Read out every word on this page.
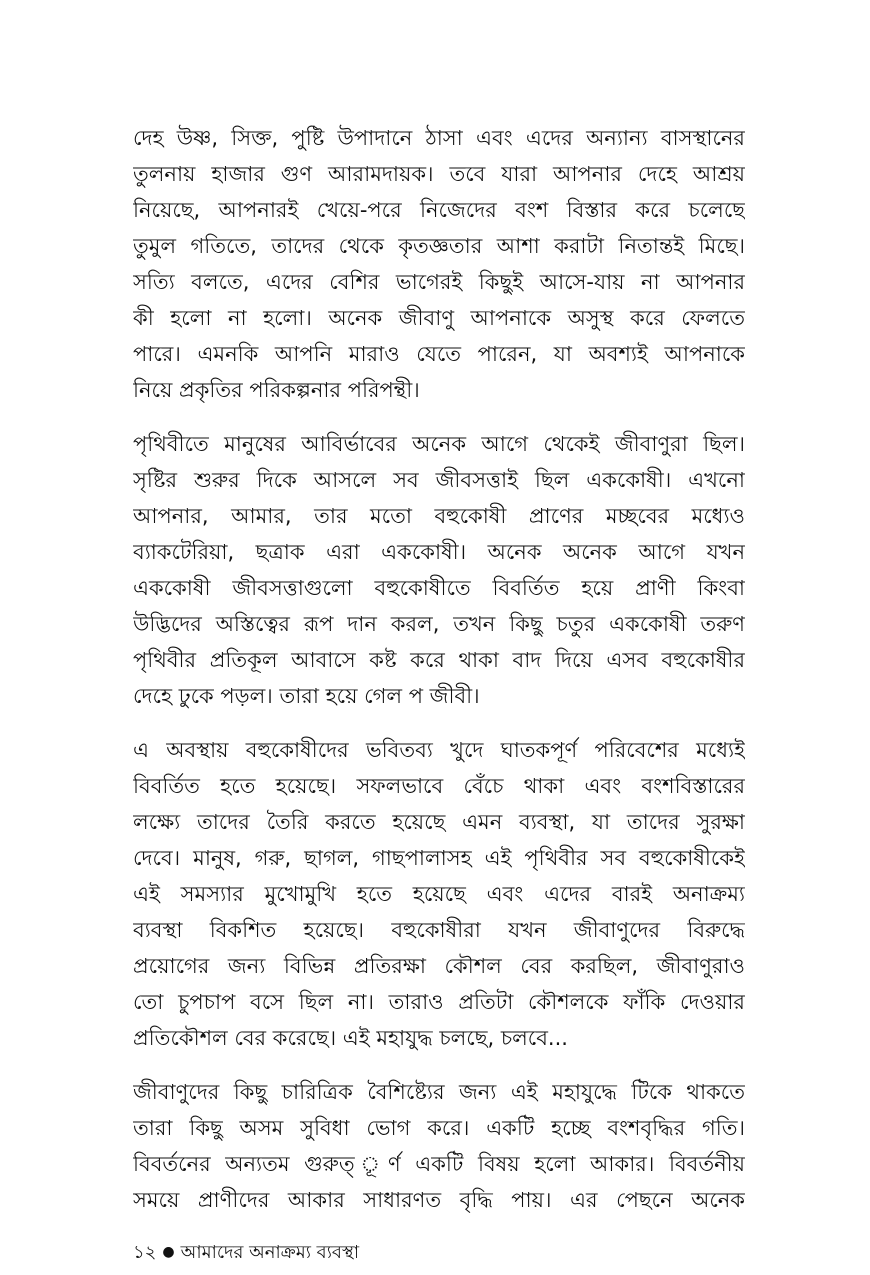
দেহ উষ্ণ, সিক্ত, পুষ্টি উপাদানে ঠাসা এবং এদের অন্যান্য বাসস্থানের
তুলনায় হাজার গুণ আরামদায়ক। তবে যারা আপনার দেহে আশ্রয়
নিয়েছে, আপনারই খেয়ে-পরে নিজেদের বংশ বিস্তার করে চলেছে
তুমুল গতিতে, তাদের থেকে কৃতজ্ঞতার আশা করাটা নিতান্তই মিছে।
সত্যি বলতে, এদের বেশির ভাগেরই কিছুই আসে-যায় না আপনার
কী হলো না হলো। অনেক জীবাণু আপনাকে অসুস্থ করে ফেলতে
পারে। এমনকি আপনি মারাও যেতে পারেন, যা অবশ্যই আপনাকে
নিয়ে প্রকৃতির পরিকল্পনার পরিপন্থী।
পৃথিবীতে মানুষের আবির্ভাবের অনেক আগে থেকেই জীবাণুরা ছিল।
সৃষ্টির শুরুর দিকে আসলে সব জীবসত্তাই ছিল এককোষী। এখনো
আপনার, আমার, তার মতো বহুকোষী প্রাণের মচ্ছবের মধ্যেও
ব্যাকটেরিয়া, ছত্রাক এরা এককোষী। অনেক অনেক আগে যখন
এককোষী জীবসত্তাগুলো বহুকোষীতে বিবর্তিত হয়ে প্রাণী কিংবা
উদ্ভিদের অস্তিত্বের রূপ দান করল, তখন কিছু চতুর এককোষী তরুণ
পৃথিবীর প্রতিকূল আবাসে কষ্ট করে থাকা বাদ দিয়ে এসব বহুকোষীর
দেহে ঢুকে পড়ল। তারা হয়ে গেল প জীবী।
এ অবস্থায় বহুকোষীদের ভবিতব্য খুদে ঘাতকপূর্ণ পরিবেশের মধ্যেই
বিবর্তিত হতে হয়েছে। সফলভাবে বেঁচে থাকা এবং বংশবিস্তারের
লক্ষ্যে তাদের তৈরি করতে হয়েছে এমন ব্যবস্থা, যা তাদের সুরক্ষা
দেবে। মানুষ, গরু, ছাগল, গাছপালাসহ এই পৃথিবীর সব বহুকোষীকেই
এই সমস্যার মুখোমুখি হতে হয়েছে এবং এদের বারই অনাক্রম্য
ব্যবস্থা বিকশিত হয়েছে। বহুকোষীরা যখন জীবাণুদের বিরুদ্ধে
প্রয়োগের জন্য বিভিন্ন প্রতিরক্ষা কৌশল বের করছিল, জীবাণুরাও
তো চুপচাপ বসে ছিল না। তারাও প্রতিটা কৌশলকে ফাঁকি দেওয়ার
প্রতিকৌশল বের করেছে। এই মহাযুদ্ধ চলছে, চলবে...
জীবাণুদের কিছু চারিত্রিক বৈশিষ্ট্যের জন্য এই মহাযুদ্ধে টিকে থাকতে
তারা কিছু অসম সুবিধা ভোগ করে। একটি হচ্ছে বংশবৃদ্ধির গতি।
বিবর্তনের অন্যতম গুরুত্ ূর্ণ একটি বিষয় হলো আকার। বিবর্তনীয়
সময়ে প্রাণীদের আকার সাধারণত বৃদ্ধি পায়। এর পেছনে অনেক
১২ ● আমাদের অনাক্রম্য ব্যবস্থা
